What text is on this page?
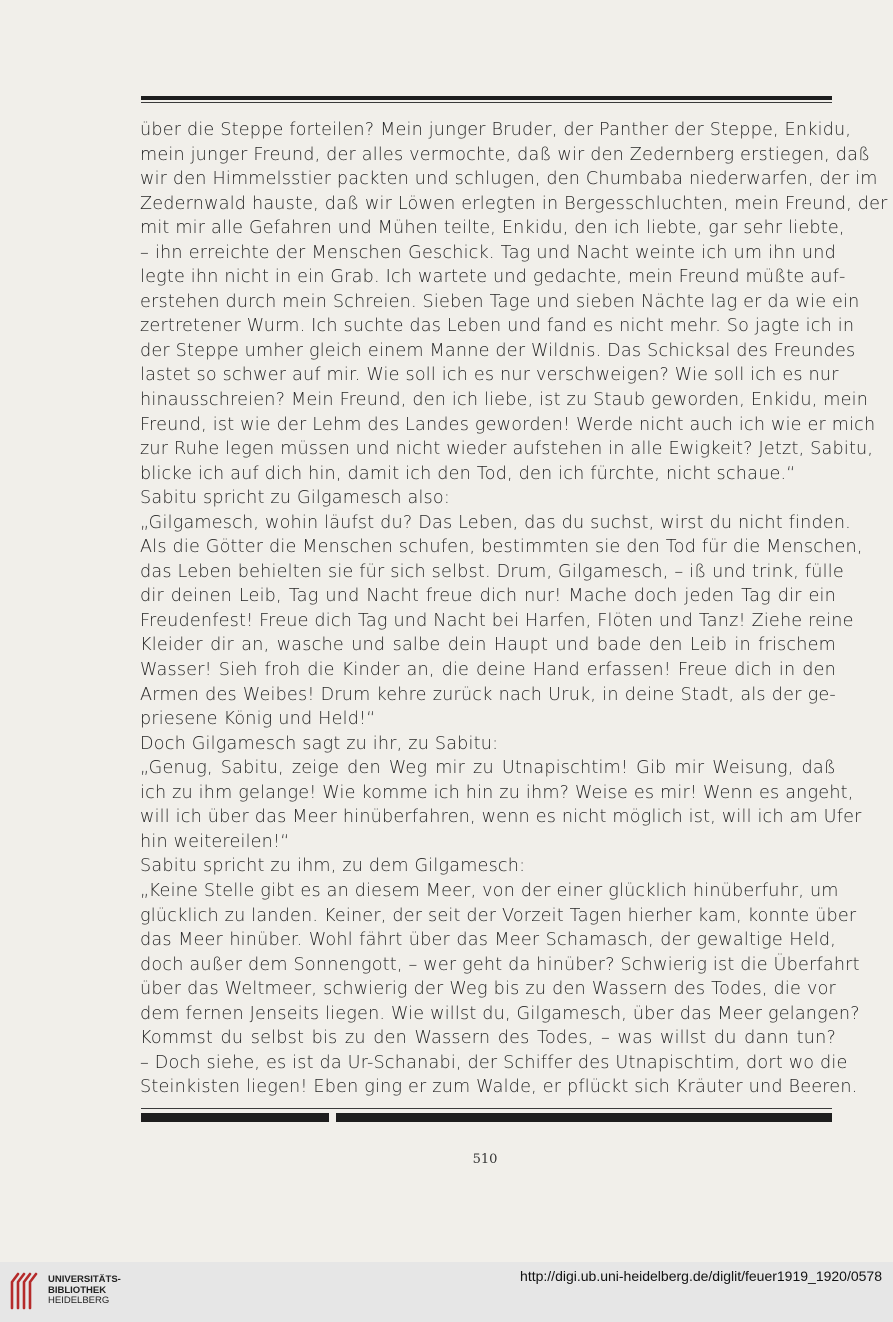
über die Steppe forteilen? Mein junger Bruder, der Panther der Steppe, Enkidu,
mein junger Freund, der alles vermochte, daß wir den Zedernberg erstiegen, daß
wir den Himmelsstier packten und schlugen, den Chumbaba niederwarfen, der im
Zedernwald hauste, daß wir Löwen erlegten in Bergesschluchten, mein Freund, der
mit mir alle Gefahren und Mühen teilte, Enkidu, den ich liebte, gar sehr liebte,
– ihn erreichte der Menschen Geschick. Tag und Nacht weinte ich um ihn und
legte ihn nicht in ein Grab. Ich wartete und gedachte, mein Freund müßte auf-
erstehen durch mein Schreien. Sieben Tage und sieben Nächte lag er da wie ein
zertretener Wurm. Ich suchte das Leben und fand es nicht mehr. So jagte ich in
der Steppe umher gleich einem Manne der Wildnis. Das Schicksal des Freundes
lastet so schwer auf mir. Wie soll ich es nur verschweigen? Wie soll ich es nur
hinausschreien? Mein Freund, den ich liebe, ist zu Staub geworden, Enkidu, mein
Freund, ist wie der Lehm des Landes geworden! Werde nicht auch ich wie er mich
zur Ruhe legen müssen und nicht wieder aufstehen in alle Ewigkeit? Jetzt, Sabitu,
blicke ich auf dich hin, damit ich den Tod, den ich fürchte, nicht schaue.“
Sabitu spricht zu Gilgamesch also:
„Gilgamesch, wohin läufst du? Das Leben, das du suchst, wirst du nicht finden.
Als die Götter die Menschen schufen, bestimmten sie den Tod für die Menschen,
das Leben behielten sie für sich selbst. Drum, Gilgamesch, – iß und trink, fülle
dir deinen Leib, Tag und Nacht freue dich nur! Mache doch jeden Tag dir ein
Freudenfest! Freue dich Tag und Nacht bei Harfen, Flöten und Tanz! Ziehe reine
Kleider dir an, wasche und salbe dein Haupt und bade den Leib in frischem
Wasser! Sieh froh die Kinder an, die deine Hand erfassen! Freue dich in den
Armen des Weibes! Drum kehre zurück nach Uruk, in deine Stadt, als der ge-
priesene König und Held!“
Doch Gilgamesch sagt zu ihr, zu Sabitu:
„Genug, Sabitu, zeige den Weg mir zu Utnapischtim! Gib mir Weisung, daß
ich zu ihm gelange! Wie komme ich hin zu ihm? Weise es mir! Wenn es angeht,
will ich über das Meer hinüberfahren, wenn es nicht möglich ist, will ich am Ufer
hin weitereilen!“
Sabitu spricht zu ihm, zu dem Gilgamesch:
„Keine Stelle gibt es an diesem Meer, von der einer glücklich hinüberfuhr, um
glücklich zu landen. Keiner, der seit der Vorzeit Tagen hierher kam, konnte über
das Meer hinüber. Wohl fährt über das Meer Schamasch, der gewaltige Held,
doch außer dem Sonnengott, – wer geht da hinüber? Schwierig ist die Überfahrt
über das Weltmeer, schwierig der Weg bis zu den Wassern des Todes, die vor
dem fernen Jenseits liegen. Wie willst du, Gilgamesch, über das Meer gelangen?
Kommst du selbst bis zu den Wassern des Todes, – was willst du dann tun?
– Doch siehe, es ist da Ur-Schanabi, der Schiffer des Utnapischtim, dort wo die
Steinkisten liegen! Eben ging er zum Walde, er pflückt sich Kräuter und Beeren.
510
UNIVERSITÄTS-
BIBLIOTHEK
HEIDELBERG
http://digi.ub.uni-heidelberg.de/diglit/feuer1919_1920/0578
